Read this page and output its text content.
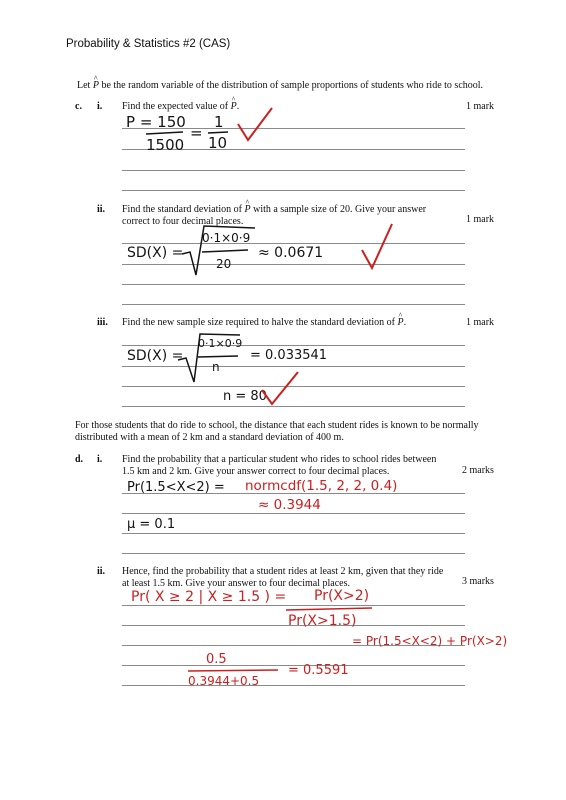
Probability & Statistics #2 (CAS)
Let ^ P be the random variable of the distribution of sample proportions of students who ride to school.
c. i. Find the expected value of ^ P.	1 mark
P = 150
1500
=
1
10
ii. Find the standard deviation of ^ P with a sample size of 20. Give your answer
correct to four decimal places.	1 mark
SD(X) =
0·1×0·9
20
≈ 0.0671
iii. Find the new sample size required to halve the standard deviation of ^ P.	1 mark
SD(X) =
0·1×0·9
n
= 0.033541
n = 80
For those students that do ride to school, the distance that each student rides is known to be normally
distributed with a mean of 2 km and a standard deviation of 400 m.
d. i. Find the probability that a particular student who rides to school rides between
1.5 km and 2 km. Give your answer correct to four decimal places.	2 marks
Pr(1.5<X<2) = normcdf(1.5, 2, 2, 0.4)
≈ 0.3944
μ = 0.1
ii. Hence, find the probability that a student rides at least 2 km, given that they ride
at least 1.5 km. Give your answer to four decimal places.	3 marks
Pr( X ≥ 2 | X ≥ 1.5 ) = Pr(X>2)
Pr(X>1.5)
= Pr(1.5<X<2) + Pr(X>2)
0.5
0.3944+0.5
= 0.5591
